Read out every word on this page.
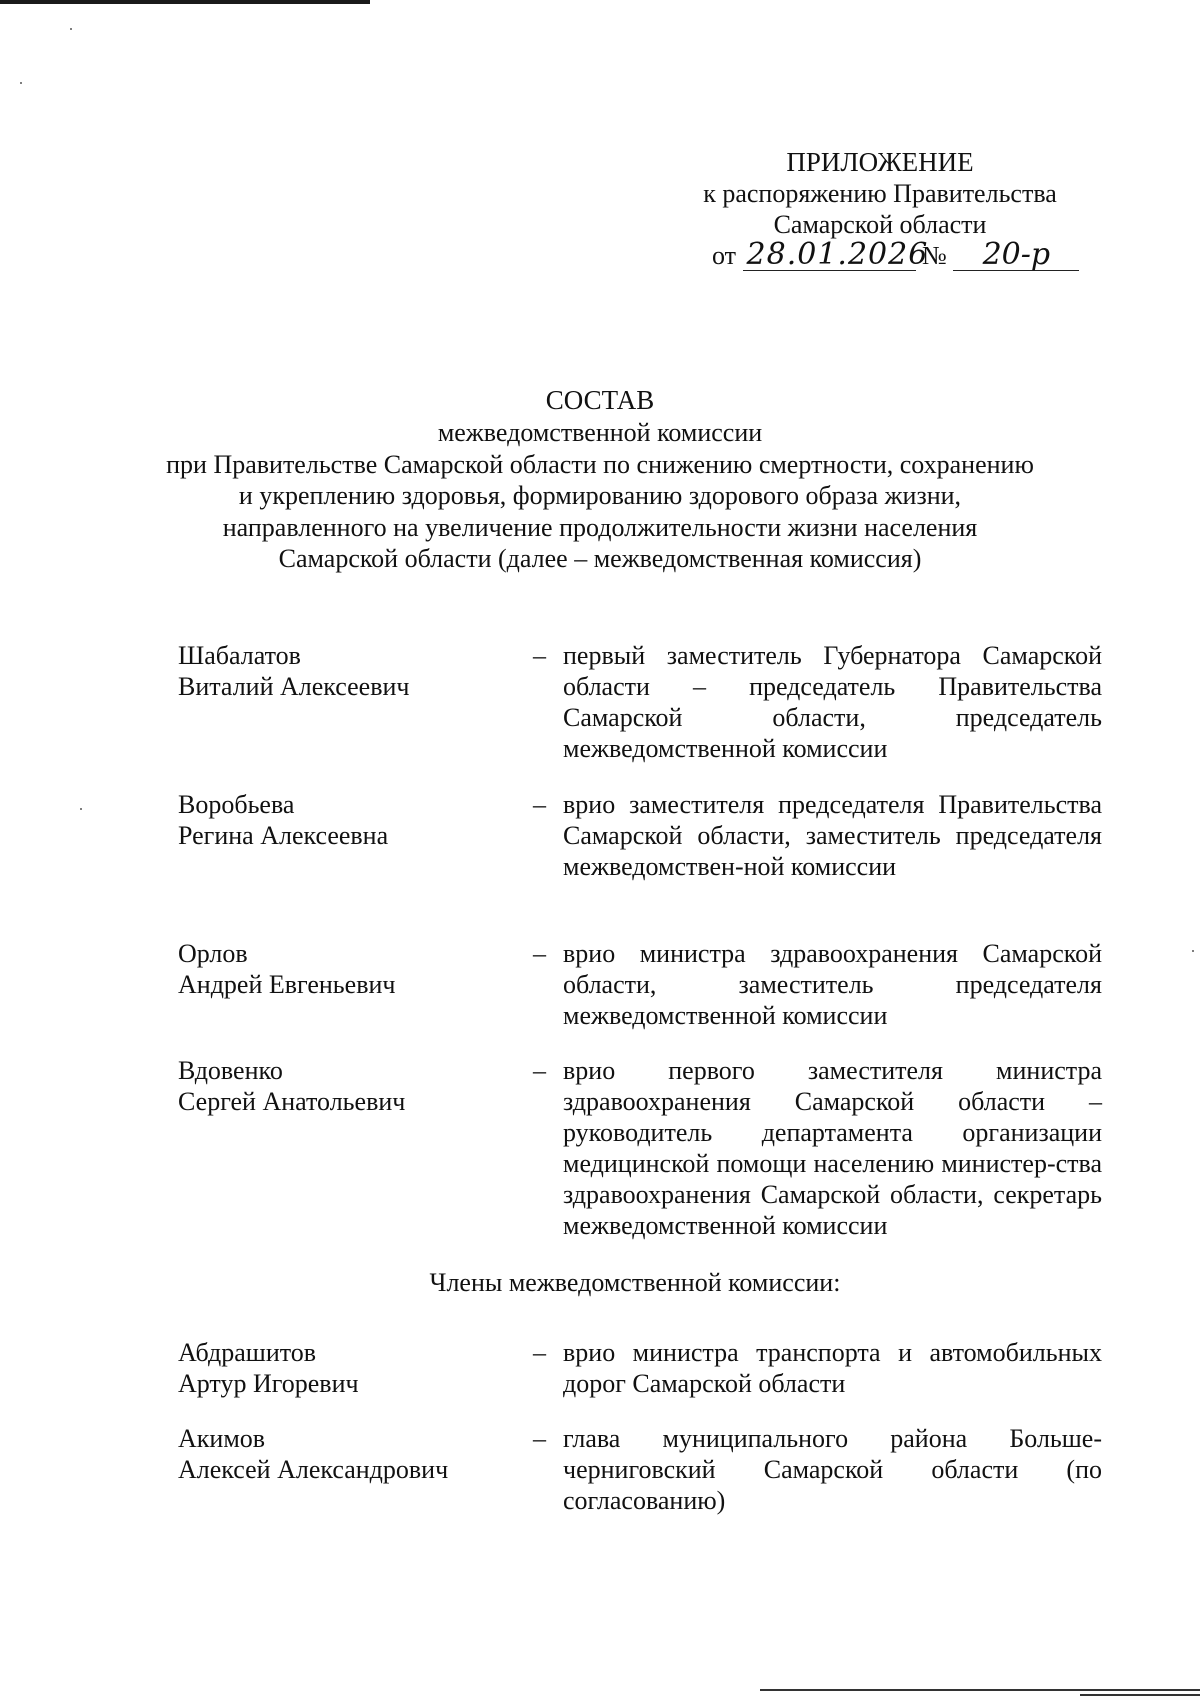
ПРИЛОЖЕНИЕ
к распоряжению Правительства
Самарской области
от 28.01.2026 № 20-р
СОСТАВ
межведомственной комиссии
при Правительстве Самарской области по снижению смертности, сохранению
и укреплению здоровья, формированию здорового образа жизни,
направленного на увеличение продолжительности жизни населения
Самарской области (далее – межведомственная комиссия)
Шабалатов
Виталий Алексеевич
– первый заместитель Губернатора Самарской области – председатель Правительства Самарской области, председатель межведомственной комиссии
Воробьева
Регина Алексеевна
– врио заместителя председателя Правительства Самарской области, заместитель председателя межведомствен-ной комиссии
Орлов
Андрей Евгеньевич
– врио министра здравоохранения Самарской области, заместитель председателя межведомственной комиссии
Вдовенко
Сергей Анатольевич
– врио первого заместителя министра здравоохранения Самарской области – руководитель департамента организации медицинской помощи населению министер-ства здравоохранения Самарской области, секретарь межведомственной комиссии
Члены межведомственной комиссии:
Абдрашитов
Артур Игоревич
– врио министра транспорта и автомобильных дорог Самарской области
Акимов
Алексей Александрович
– глава муниципального района Больше-черниговский Самарской области (по согласованию)
